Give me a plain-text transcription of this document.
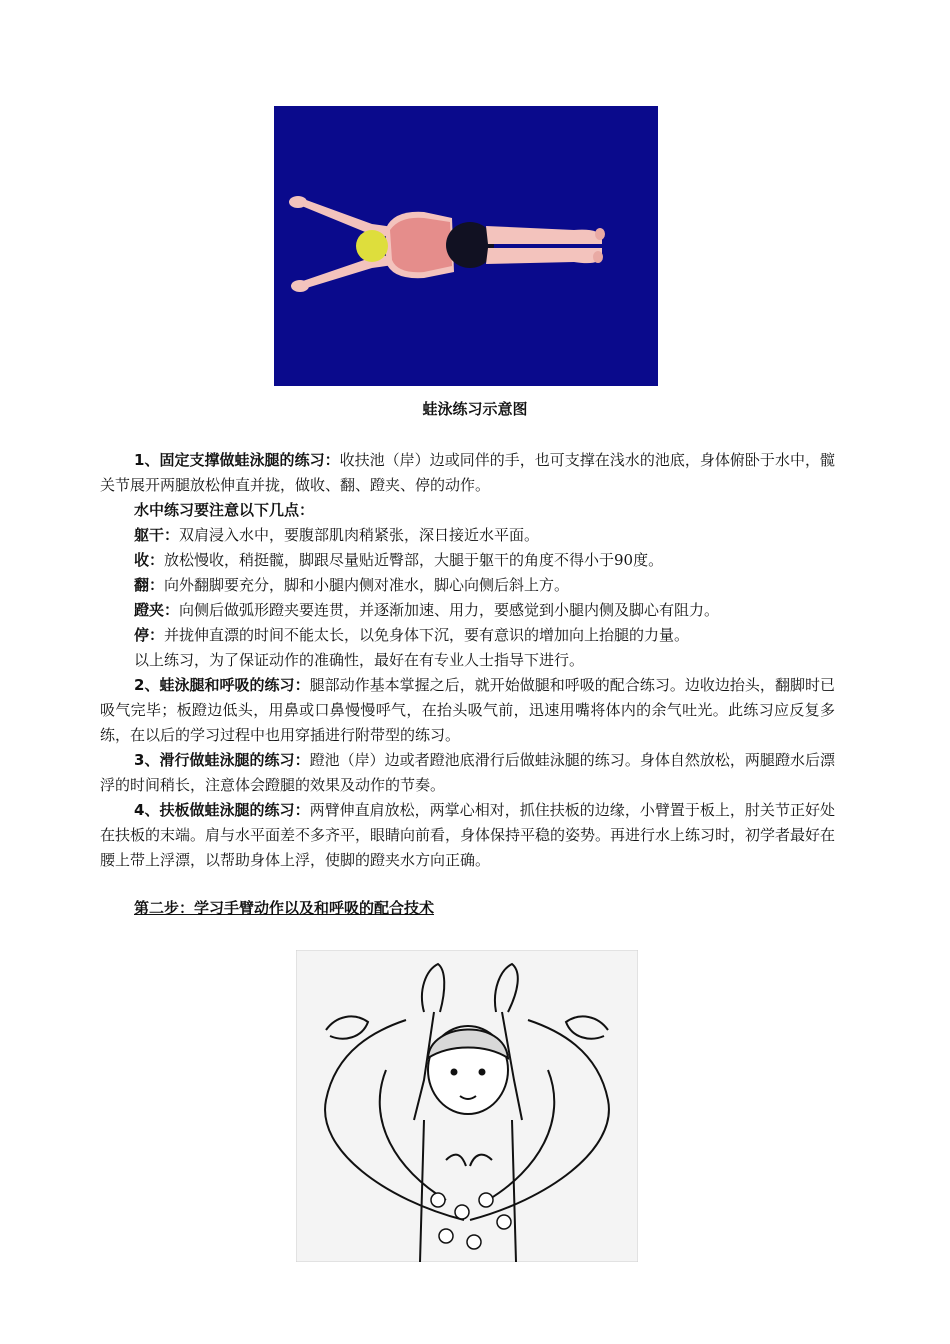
蛙泳练习示意图

1、固定支撑做蛙泳腿的练习：收扶池（岸）边或同伴的手，也可支撑在浅水的池底，身体俯卧于水中，髋关节展开两腿放松伸直并拢，做收、翻、蹬夹、停的动作。

水中练习要注意以下几点：

躯干：双肩浸入水中，要腹部肌肉稍紧张，深日接近水平面。

收：放松慢收，稍挺髋，脚跟尽量贴近臀部，大腿于躯干的角度不得小于90度。

翻：向外翻脚要充分，脚和小腿内侧对准水，脚心向侧后斜上方。

蹬夹：向侧后做弧形蹬夹要连贯，并逐渐加速、用力，要感觉到小腿内侧及脚心有阻力。

停：并拢伸直漂的时间不能太长，以免身体下沉，要有意识的增加向上抬腿的力量。

以上练习，为了保证动作的准确性，最好在有专业人士指导下进行。

2、蛙泳腿和呼吸的练习：腿部动作基本掌握之后，就开始做腿和呼吸的配合练习。边收边抬头，翻脚时已吸气完毕；板蹬边低头，用鼻或口鼻慢慢呼气，在抬头吸气前，迅速用嘴将体内的余气吐光。此练习应反复多练，在以后的学习过程中也用穿插进行附带型的练习。

3、滑行做蛙泳腿的练习：蹬池（岸）边或者蹬池底滑行后做蛙泳腿的练习。身体自然放松，两腿蹬水后漂浮的时间稍长，注意体会蹬腿的效果及动作的节奏。

4、扶板做蛙泳腿的练习：两臂伸直肩放松，两掌心相对，抓住扶板的边缘，小臂置于板上，肘关节正好处在扶板的末端。肩与水平面差不多齐平，眼睛向前看，身体保持平稳的姿势。再进行水上练习时，初学者最好在腰上带上浮漂，以帮助身体上浮，使脚的蹬夹水方向正确。

第二步：学习手臂动作以及和呼吸的配合技术
